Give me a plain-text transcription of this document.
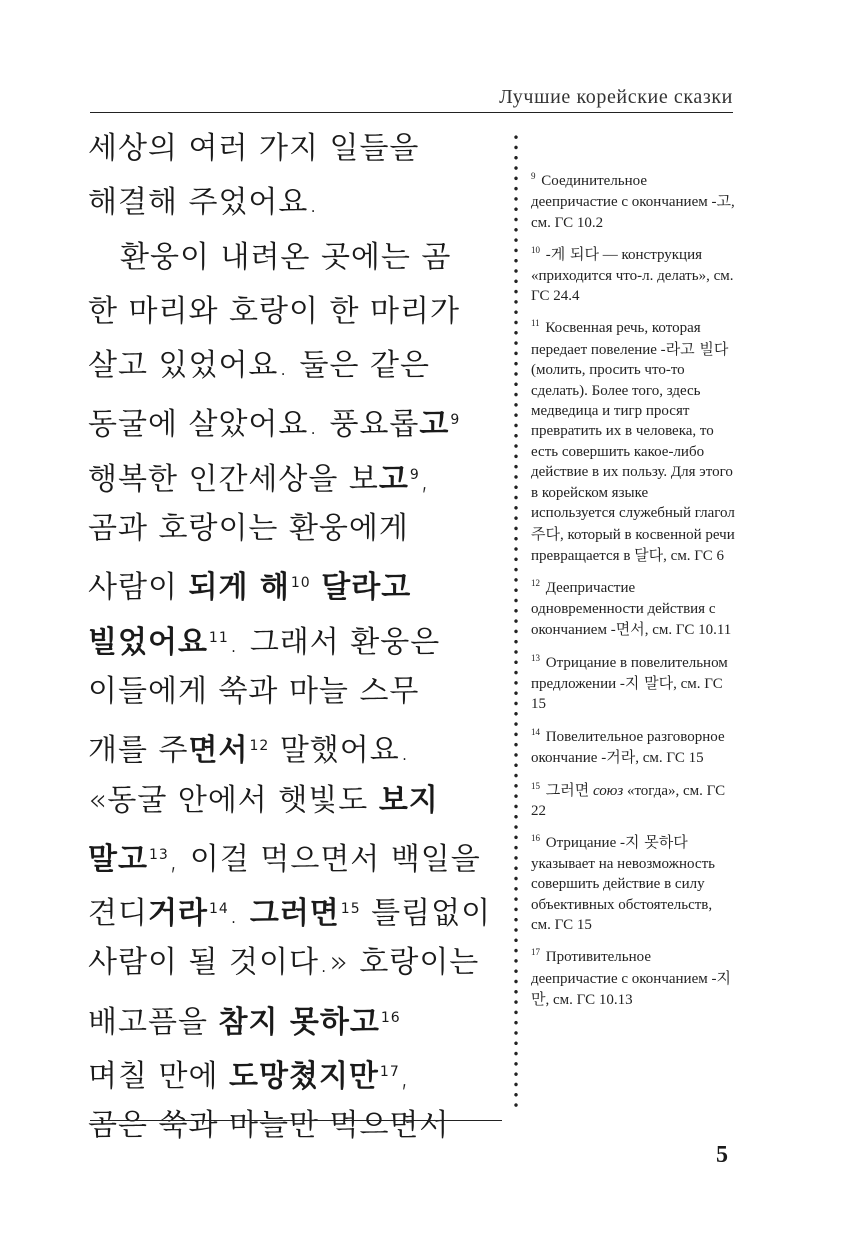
Лучшие корейские сказки
세상의 여러 가지 일들을
해결해 주었어요.
환웅이 내려온 곳에는 곰
한 마리와 호랑이 한 마리가
살고 있었어요. 둘은 같은
동굴에 살았어요. 풍요롭고$^9$
행복한 인간세상을 보고$^9$,
곰과 호랑이는 환웅에게
사람이 되게 해$^{10}$ 달라고
빌었어요$^{11}$. 그래서 환웅은
이들에게 쑥과 마늘 스무
개를 주면서$^{12}$ 말했어요.
«동굴 안에서 햇빛도 보지
말고$^{13}$, 이걸 먹으면서 백일을
견디거라$^{14}$. 그러면$^{15}$ 틀림없이
사람이 될 것이다.» 호랑이는
배고픔을 참지 못하고$^{16}$
며칠 만에 도망쳤지만$^{17}$,
곰은 쑥과 마늘만 먹으면서
$^9$ Соединительное деепричастие с окончанием -고, см. ГС 10.2
$^{10}$ -게 되다 — конструкция «приходится что-л. делать», см. ГС 24.4
$^{11}$ Косвенная речь, которая передает повеление -라고 빌다 (молить, просить что-то сделать). Более того, здесь медведица и тигр просят превратить их в человека, то есть совершить какое-либо действие в их пользу. Для этого в корейском языке используется служебный глагол 주다, который в косвенной речи превращается в 달다, см. ГС 6
$^{12}$ Деепричастие одновременности действия с окончанием -면서, см. ГС 10.11
$^{13}$ Отрицание в повелительном предложении -지 말다, см. ГС 15
$^{14}$ Повелительное разговорное окончание -거라, см. ГС 15
$^{15}$ 그러면 союз «тогда», см. ГС 22
$^{16}$ Отрицание -지 못하다 указывает на невозможность совершить действие в силу объективных обстоятельств, см. ГС 15
$^{17}$ Противительное деепричастие с окончанием -지만, см. ГС 10.13
5
